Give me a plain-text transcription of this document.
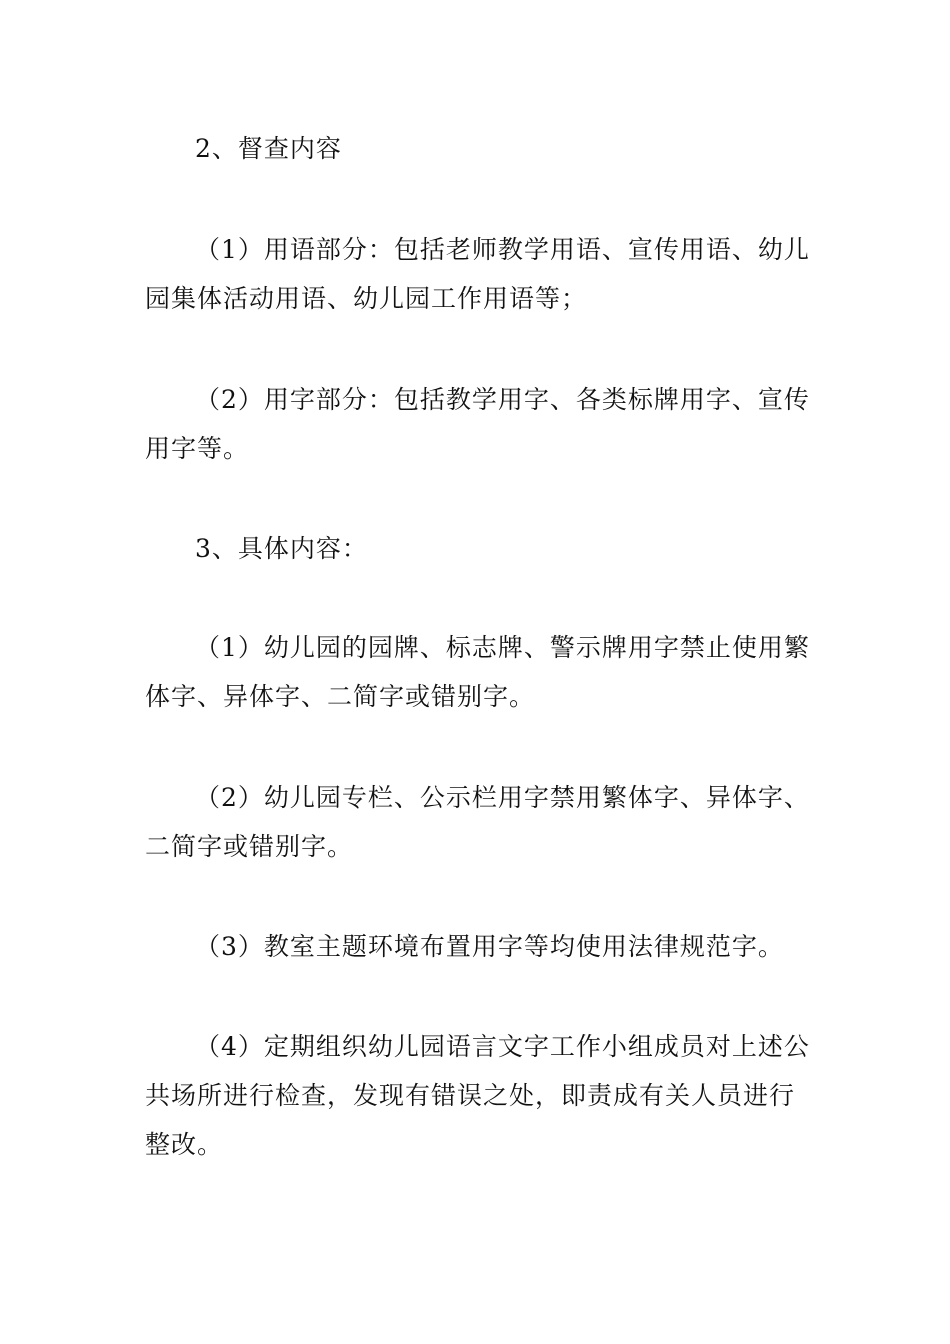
2、督查内容

（1）用语部分：包括老师教学用语、宣传用语、幼儿园集体活动用语、幼儿园工作用语等；

（2）用字部分：包括教学用字、各类标牌用字、宣传用字等。

3、具体内容：

（1）幼儿园的园牌、标志牌、警示牌用字禁止使用繁体字、异体字、二简字或错别字。

（2）幼儿园专栏、公示栏用字禁用繁体字、异体字、二简字或错别字。

（3）教室主题环境布置用字等均使用法律规范字。

（4）定期组织幼儿园语言文字工作小组成员对上述公共场所进行检查，发现有错误之处，即责成有关人员进行整改。
